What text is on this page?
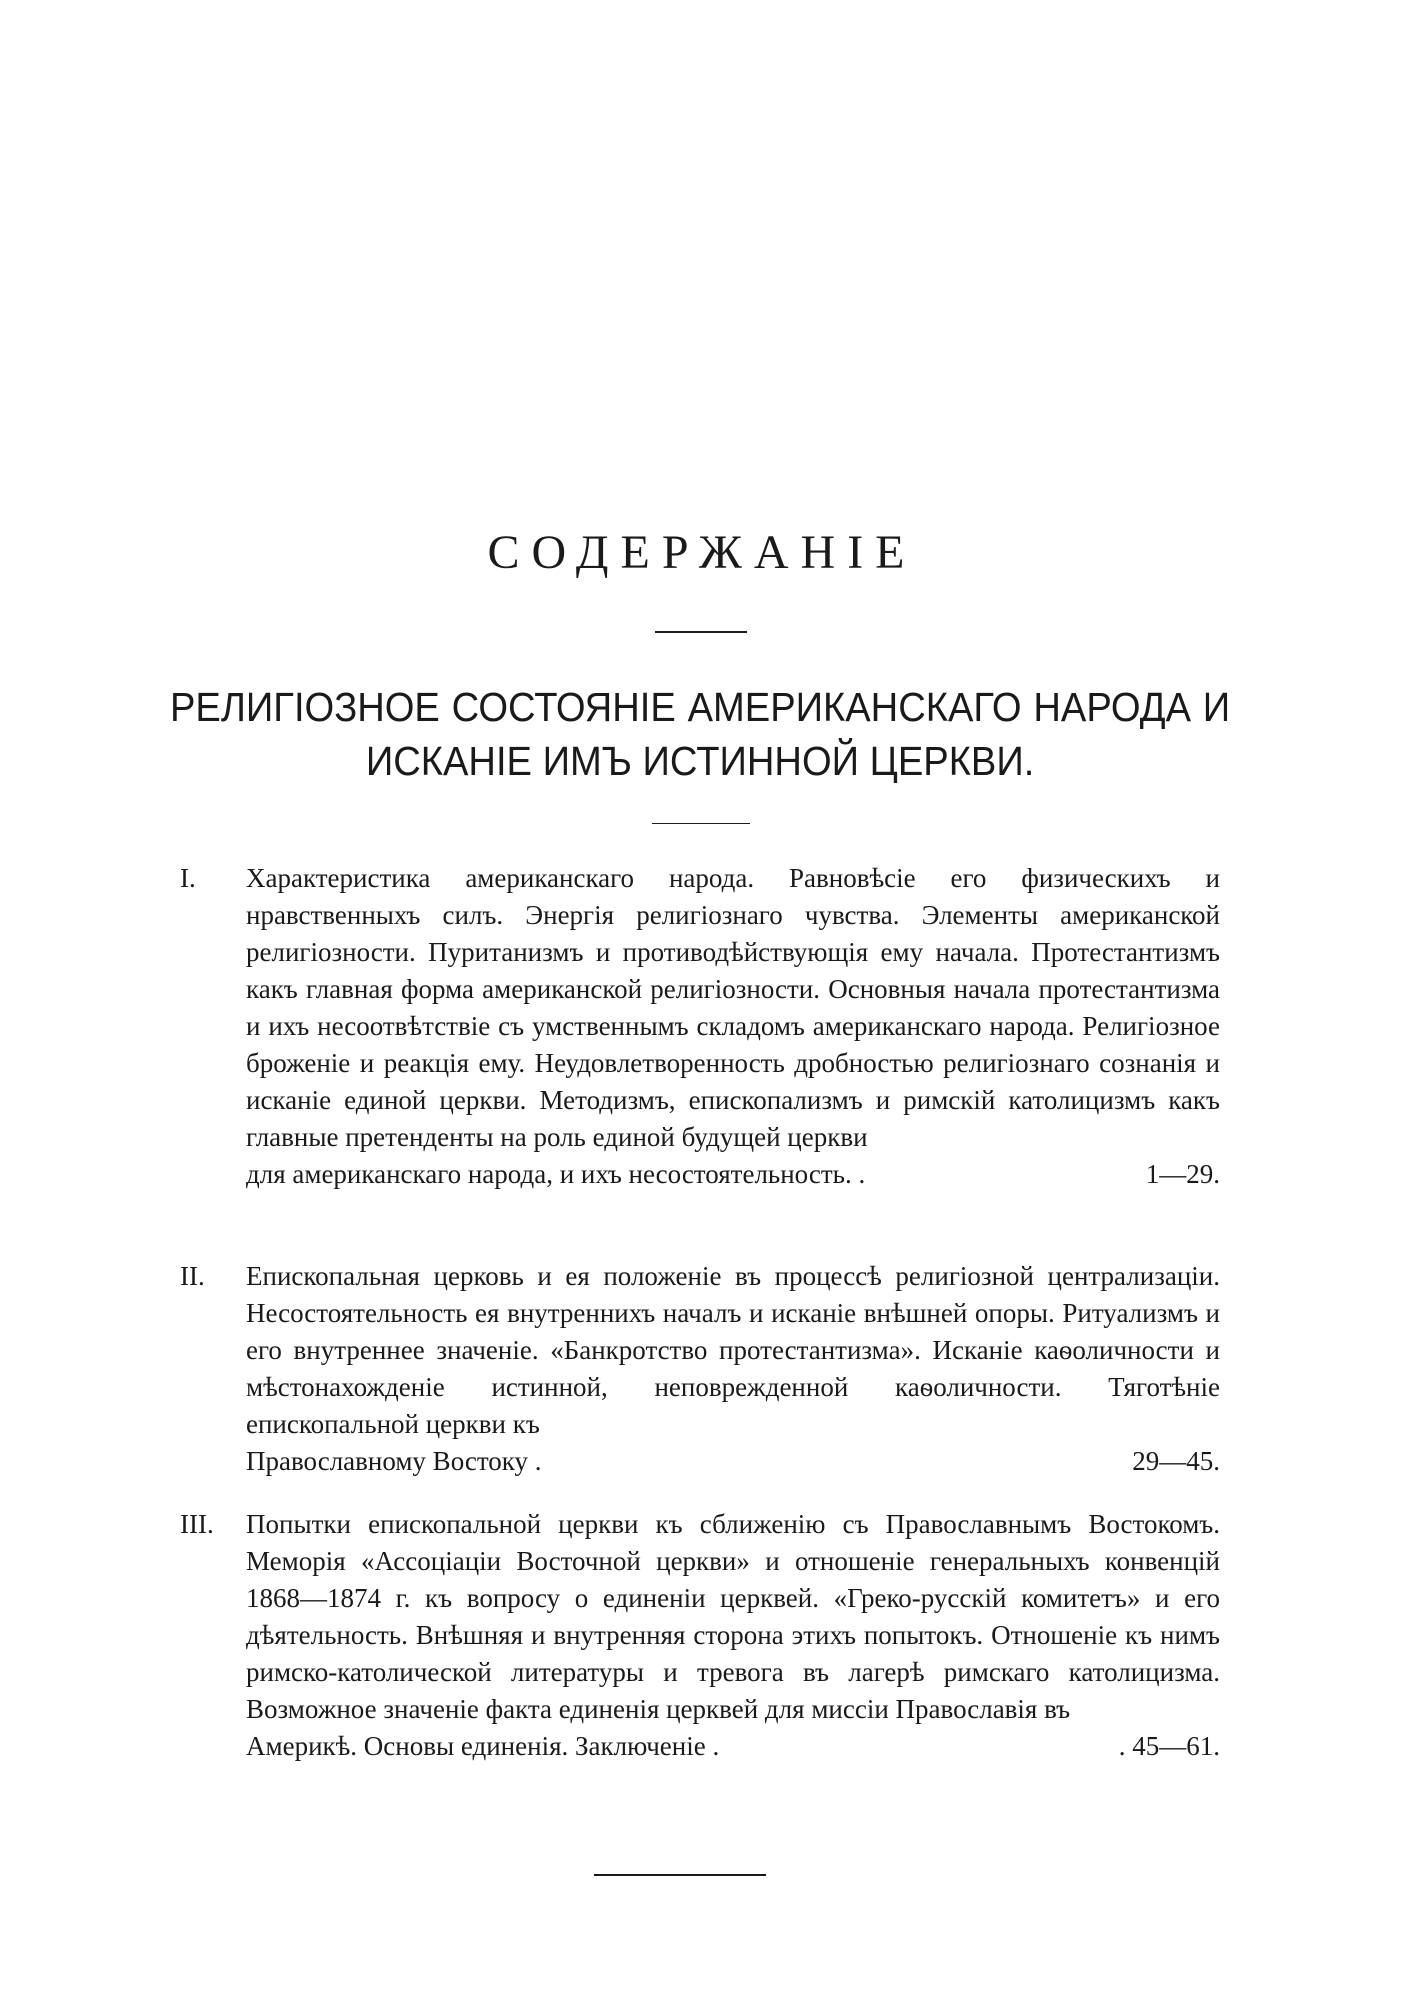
СОДЕРЖАНІЕ
РЕЛИГІОЗНОЕ СОСТОЯНІЕ АМЕРИКАНСКАГО НАРОДА И
ИСКАНІЕ ИМЪ ИСТИННОЙ ЦЕРКВИ.
I.	Характеристика американскаго народа. Равновѣсіе его физическихъ и нравственныхъ силъ. Энергія религіознаго чувства. Элементы американской религіозности. Пуританизмъ и противодѣйствующія ему начала. Протестантизмъ какъ главная форма американской религіозности. Основныя начала протестантизма и ихъ несоотвѣтствіе съ умственнымъ складомъ американскаго народа. Религіозное броженіе и реакція ему. Неудовлетворенность дробностью религіознаго сознанія и исканіе единой церкви. Методизмъ, епископализмъ и римскій католицизмъ какъ главные претенденты на роль единой будущей церкви
для американскаго народа, и ихъ несостоятельность. .	1—29.
II.	Епископальная церковь и ея положеніе въ процессѣ религіозной централизаціи. Несостоятельность ея внутреннихъ началъ и исканіе внѣшней опоры. Ритуализмъ и его внутреннее значеніе. «Банкротство протестантизма». Исканіе каѳоличности и мѣстонахожденіе истинной, неповрежденной каѳоличности. Тяготѣніе епископальной церкви къ
Православному Востоку .	29—45.
III.	Попытки епископальной церкви къ сближенію съ Православнымъ Востокомъ. Меморія «Ассоціаціи Восточной церкви» и отношеніе генеральныхъ конвенцій 1868—1874 г. къ вопросу о единеніи церквей. «Греко-русскій комитетъ» и его дѣятельность. Внѣшняя и внутренняя сторона этихъ попытокъ. Отношеніе къ нимъ римско-католической литературы и тревога въ лагерѣ римскаго католицизма. Возможное значеніе факта единенія церквей для миссіи Православія въ
Америкѣ. Основы единенія. Заключеніе .	. 45—61.
